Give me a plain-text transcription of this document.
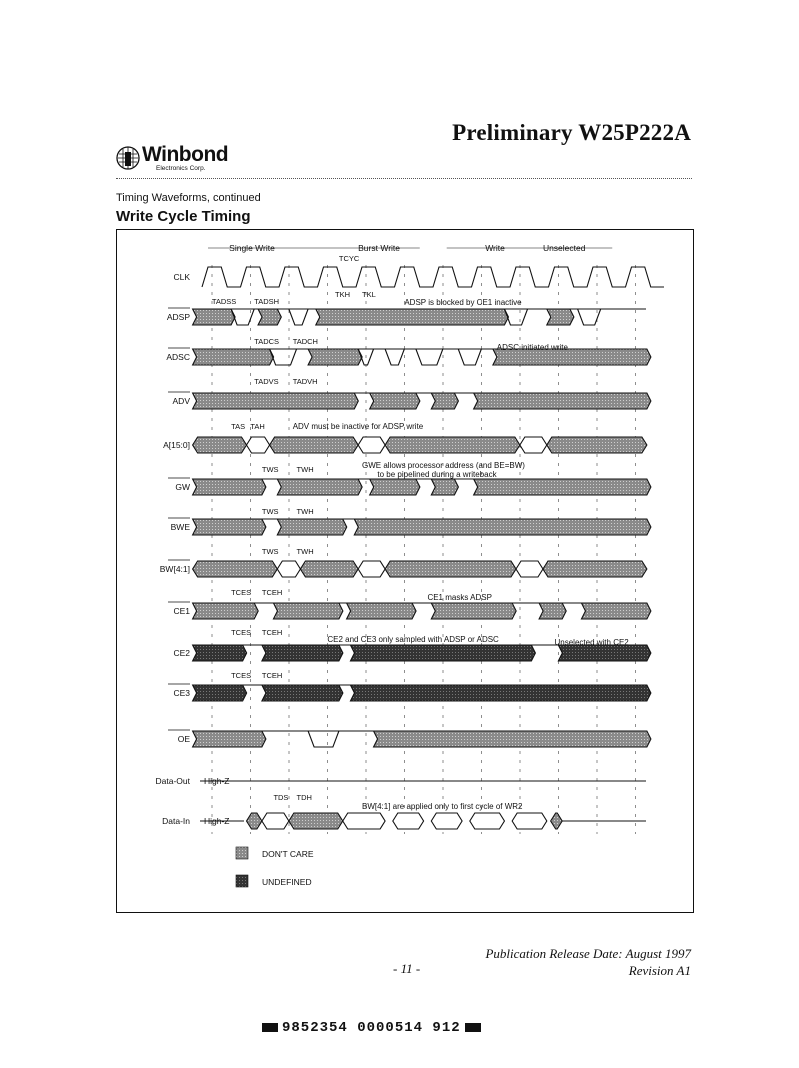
Preliminary W25P222A
Winbond
Electronics Corp.
Timing Waveforms, continued
Write Cycle Timing
CLK
ADSP
ADSC
ADV
A[15:0]
GW
BWE
BW[4:1]
CE1
CE2
CE3
OE
Data-Out
Data-In
High-Z
High-Z
Single Write	Burst Write	Write	Unselected
TCYC
TKH TKL
TADSS TADSH
TADCS TADCH
TADVS TADVH
TAS TAH
TWS TWH
TWS TWH
TWS TWH
TCES TCEH
TCES TCEH
TCES TCEH
TDS TDH
ADSP is blocked by CE1 inactive
ADSC initiated write
ADV must be inactive for ADSP write
GWE allows processor address (and BE=BW)
to be pipelined during a writeback
CE1 masks ADSP
CE2 and CE3 only sampled with ADSP or ADSC	Unselected with CE2
BW[4:1] are applied only to first cycle of WR2
DON'T CARE
UNDEFINED
Publication Release Date: August 1997
Revision A1
- 11 -
9852354 0000514 912
